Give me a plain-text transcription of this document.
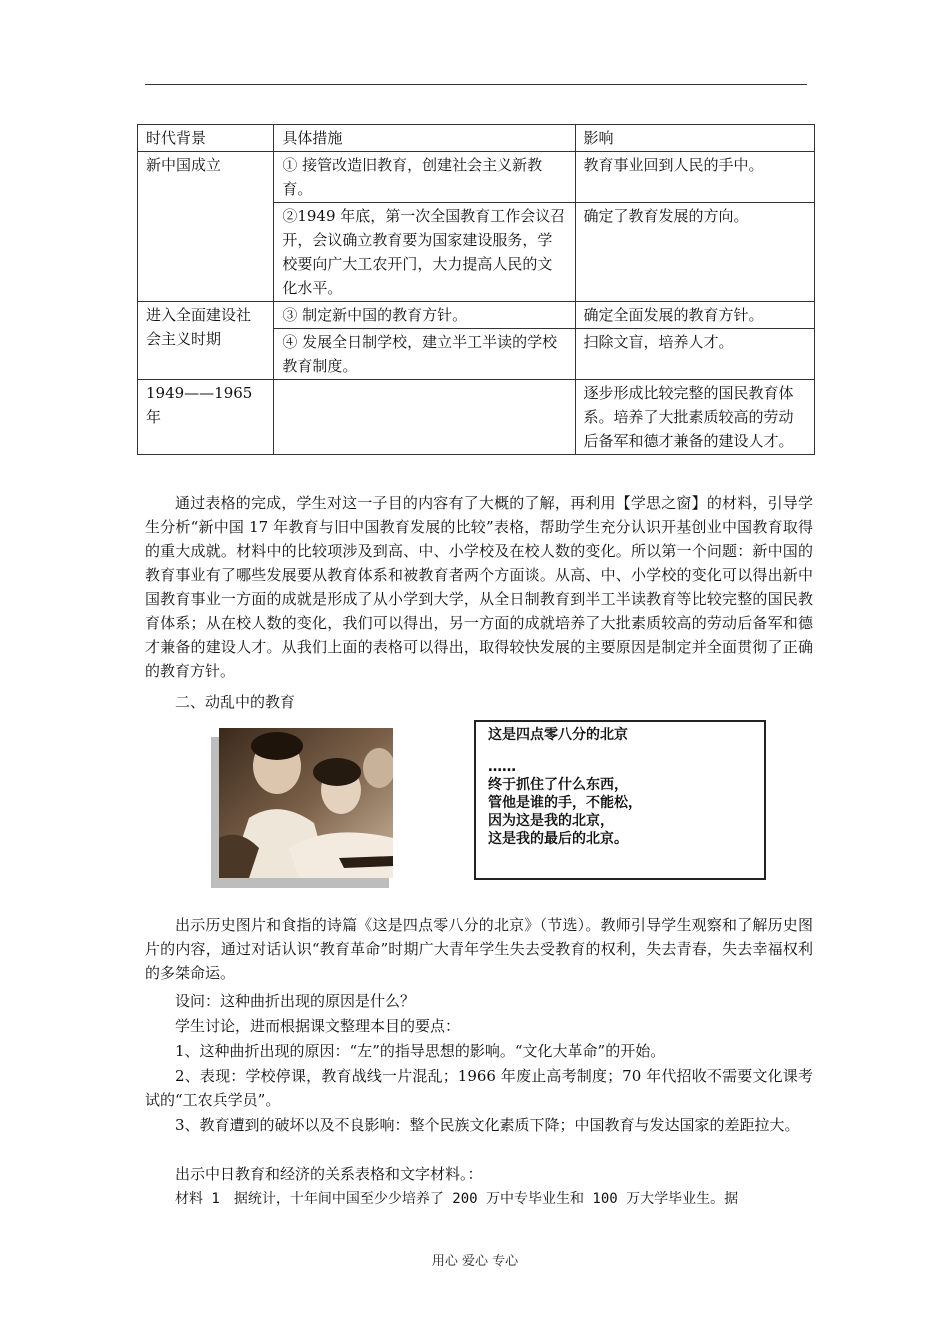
时代背景	具体措施	影响
新中国成立	① 接管改造旧教育，创建社会主义新教育。	教育事业回到人民的手中。
	②1949 年底，第一次全国教育工作会议召开，会议确立教育要为国家建设服务，学校要向广大工农开门，大力提高人民的文化水平。	确定了教育发展的方向。
进入全面建设社会主义时期	③ 制定新中国的教育方针。	确定全面发展的教育方针。
	④ 发展全日制学校，建立半工半读的学校教育制度。	扫除文盲，培养人才。
1949——1965 年		逐步形成比较完整的国民教育体系。培养了大批素质较高的劳动后备军和德才兼备的建设人才。

通过表格的完成，学生对这一子目的内容有了大概的了解，再利用【学思之窗】的材料，引导学生分析“新中国 17 年教育与旧中国教育发展的比较”表格，帮助学生充分认识开基创业中国教育取得的重大成就。材料中的比较项涉及到高、中、小学校及在校人数的变化。所以第一个问题：新中国的教育事业有了哪些发展要从教育体系和被教育者两个方面谈。从高、中、小学校的变化可以得出新中国教育事业一方面的成就是形成了从小学到大学，从全日制教育到半工半读教育等比较完整的国民教育体系；从在校人数的变化，我们可以得出，另一方面的成就培养了大批素质较高的劳动后备军和德才兼备的建设人才。从我们上面的表格可以得出，取得较快发展的主要原因是制定并全面贯彻了正确的教育方针。

二、动乱中的教育

这是四点零八分的北京

……

终于抓住了什么东西，

管他是谁的手，不能松，

因为这是我的北京，

这是我的最后的北京。

出示历史图片和食指的诗篇《这是四点零八分的北京》（节选）。教师引导学生观察和了解历史图片的内容，通过对话认识“教育革命”时期广大青年学生失去受教育的权利，失去青春，失去幸福权利的多桀命运。

设问：这种曲折出现的原因是什么？

学生讨论，进而根据课文整理本目的要点：

1、这种曲折出现的原因：“左”的指导思想的影响。“文化大革命”的开始。

2、表现：学校停课，教育战线一片混乱；1966 年废止高考制度；70 年代招收不需要文化课考试的“工农兵学员”。

3、教育遭到的破坏以及不良影响：整个民族文化素质下降；中国教育与发达国家的差距拉大。

出示中日教育和经济的关系表格和文字材料。：

材料 1　据统计，十年间中国至少少培养了 200 万中专毕业生和 100 万大学毕业生。据

用心 爱心 专心
